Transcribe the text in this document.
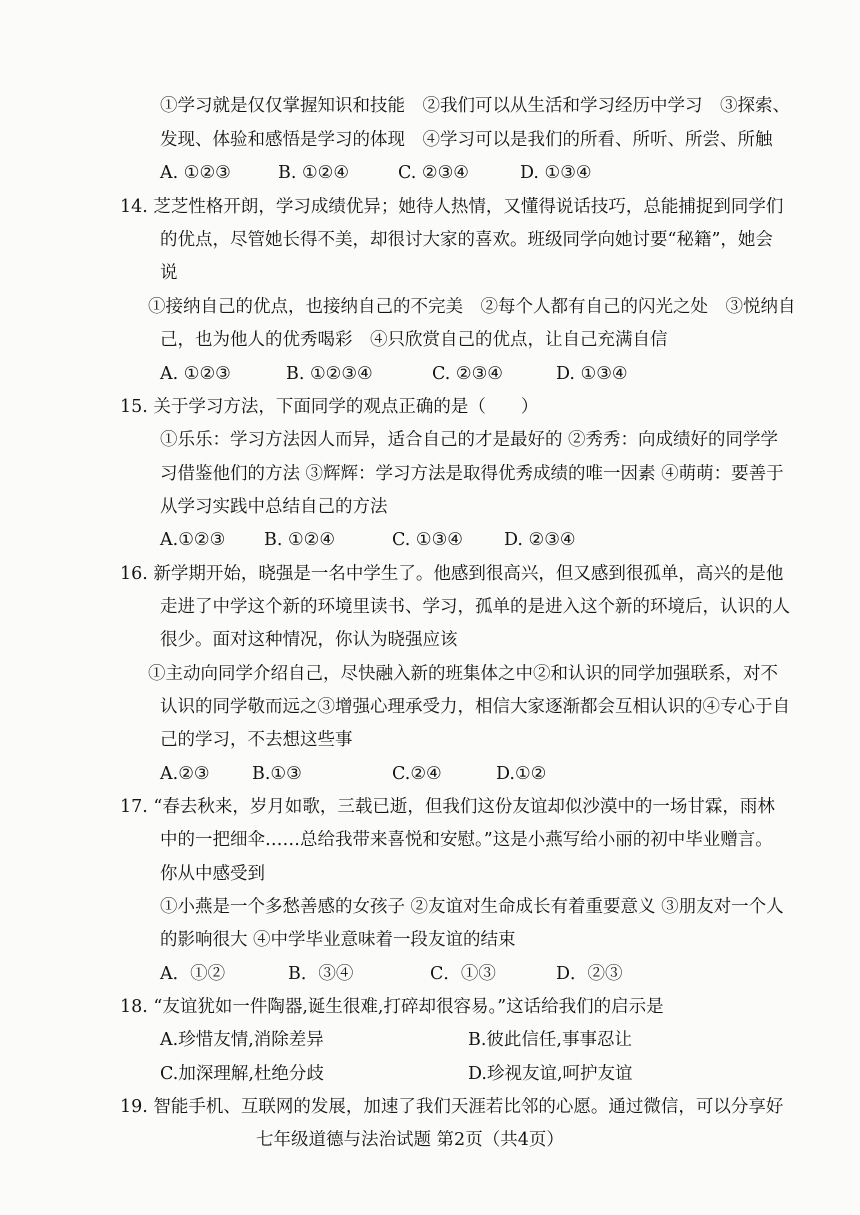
①学习就是仅仅掌握知识和技能　②我们可以从生活和学习经历中学习　③探索、
发现、体验和感悟是学习的体现　④学习可以是我们的所看、所听、所尝、所触
A. ①②③	B. ①②④	C. ②③④	D. ①③④
14. 芝芝性格开朗，学习成绩优异；她待人热情，又懂得说话技巧，总能捕捉到同学们
的优点，尽管她长得不美，却很讨大家的喜欢。班级同学向她讨要“秘籍”，她会
说
①接纳自己的优点，也接纳自己的不完美　②每个人都有自己的闪光之处　③悦纳自
己，也为他人的优秀喝彩　④只欣赏自己的优点，让自己充满自信
A. ①②③	B. ①②③④	C. ②③④	D. ①③④
15. 关于学习方法，下面同学的观点正确的是（　　）
①乐乐：学习方法因人而异，适合自己的才是最好的 ②秀秀：向成绩好的同学学
习借鉴他们的方法 ③辉辉：学习方法是取得优秀成绩的唯一因素 ④萌萌：要善于
从学习实践中总结自己的方法
A.①②③ B. ①②④	C. ①③④ D. ②③④
16. 新学期开始，晓强是一名中学生了。他感到很高兴，但又感到很孤单，高兴的是他
走进了中学这个新的环境里读书、学习，孤单的是进入这个新的环境后，认识的人
很少。面对这种情况，你认为晓强应该
①主动向同学介绍自己，尽快融入新的班集体之中②和认识的同学加强联系，对不
认识的同学敬而远之③增强心理承受力，相信大家逐渐都会互相认识的④专心于自
己的学习，不去想这些事
A.②③ B.①③	C.②④	D.①②
17. “春去秋来，岁月如歌，三载已逝，但我们这份友谊却似沙漠中的一场甘霖，雨林
中的一把细伞……总给我带来喜悦和安慰。”这是小燕写给小丽的初中毕业赠言。
你从中感受到
①小燕是一个多愁善感的女孩子 ②友谊对生命成长有着重要意义 ③朋友对一个人
的影响很大 ④中学毕业意味着一段友谊的结束
A．①②	B．③④	C．①③	D．②③
18. “友谊犹如一件陶器,诞生很难,打碎却很容易。”这话给我们的启示是
A.珍惜友情,消除差异	B.彼此信任,事事忍让
C.加深理解,杜绝分歧	D.珍视友谊,呵护友谊
19. 智能手机、互联网的发展，加速了我们天涯若比邻的心愿。通过微信，可以分享好
七年级道德与法治试题 第2页（共4页）
